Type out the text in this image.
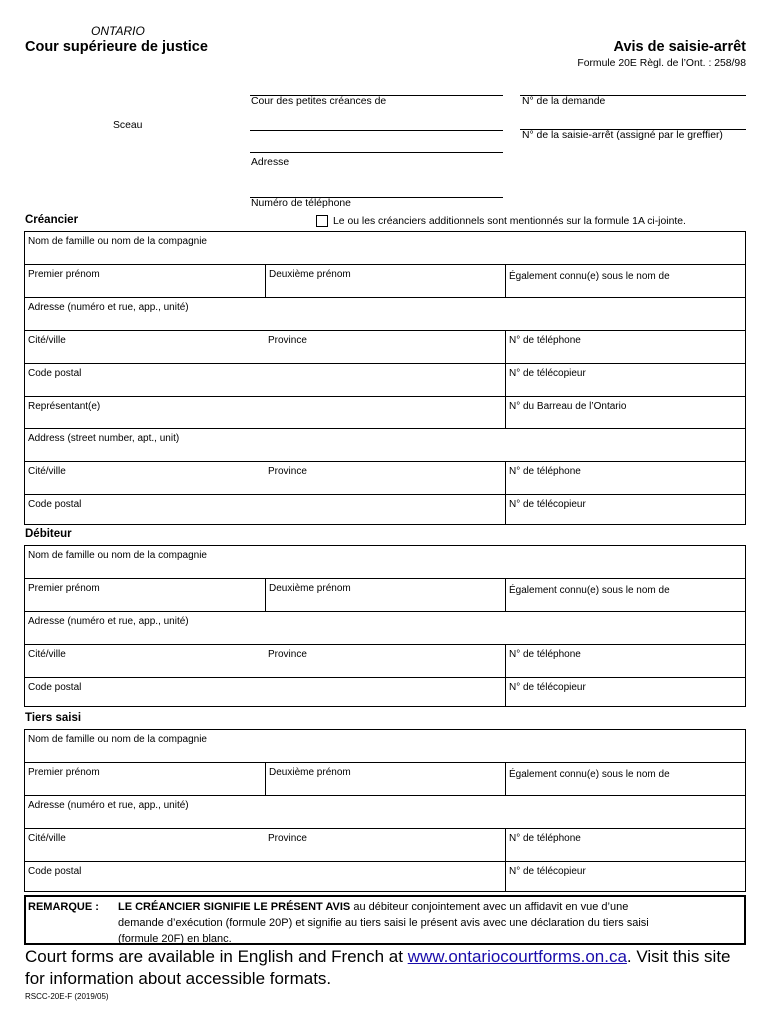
ONTARIO
Cour supérieure de justice	Avis de saisie-arrêt
Formule 20E Règl. de l’Ont. : 258/98
Sceau
Cour des petites créances de
Adresse
Numéro de téléphone
N° de la demande
N° de la saisie-arrêt (assigné par le greffier)
Créancier	Le ou les créanciers additionnels sont mentionnés sur la formule 1A ci-jointe.
Nom de famille ou nom de la compagnie
Premier prénom	Deuxième prénom	Également connu(e) sous le nom de
Adresse (numéro et rue, app., unité)
Cité/ville	Province	N° de téléphone
Code postal	N° de télécopieur
Représentant(e)	N° du Barreau de l’Ontario
Address (street number, apt., unit)
Cité/ville	Province	N° de téléphone
Code postal	N° de télécopieur
Débiteur
Nom de famille ou nom de la compagnie
Premier prénom	Deuxième prénom	Également connu(e) sous le nom de
Adresse (numéro et rue, app., unité)
Cité/ville	Province	N° de téléphone
Code postal	N° de télécopieur
Tiers saisi
Nom de famille ou nom de la compagnie
Premier prénom	Deuxième prénom	Également connu(e) sous le nom de
Adresse (numéro et rue, app., unité)
Cité/ville	Province	N° de téléphone
Code postal	N° de télécopieur
REMARQUE : LE CRÉANCIER SIGNIFIE LE PRÉSENT AVIS au débiteur conjointement avec un affidavit en vue d’une
demande d’exécution (formule 20P) et signifie au tiers saisi le présent avis avec une déclaration du tiers saisi
(formule 20F) en blanc.
Court forms are available in English and French at www.ontariocourtforms.on.ca. Visit this site
for information about accessible formats.
RSCC-20E-F (2019/05)
